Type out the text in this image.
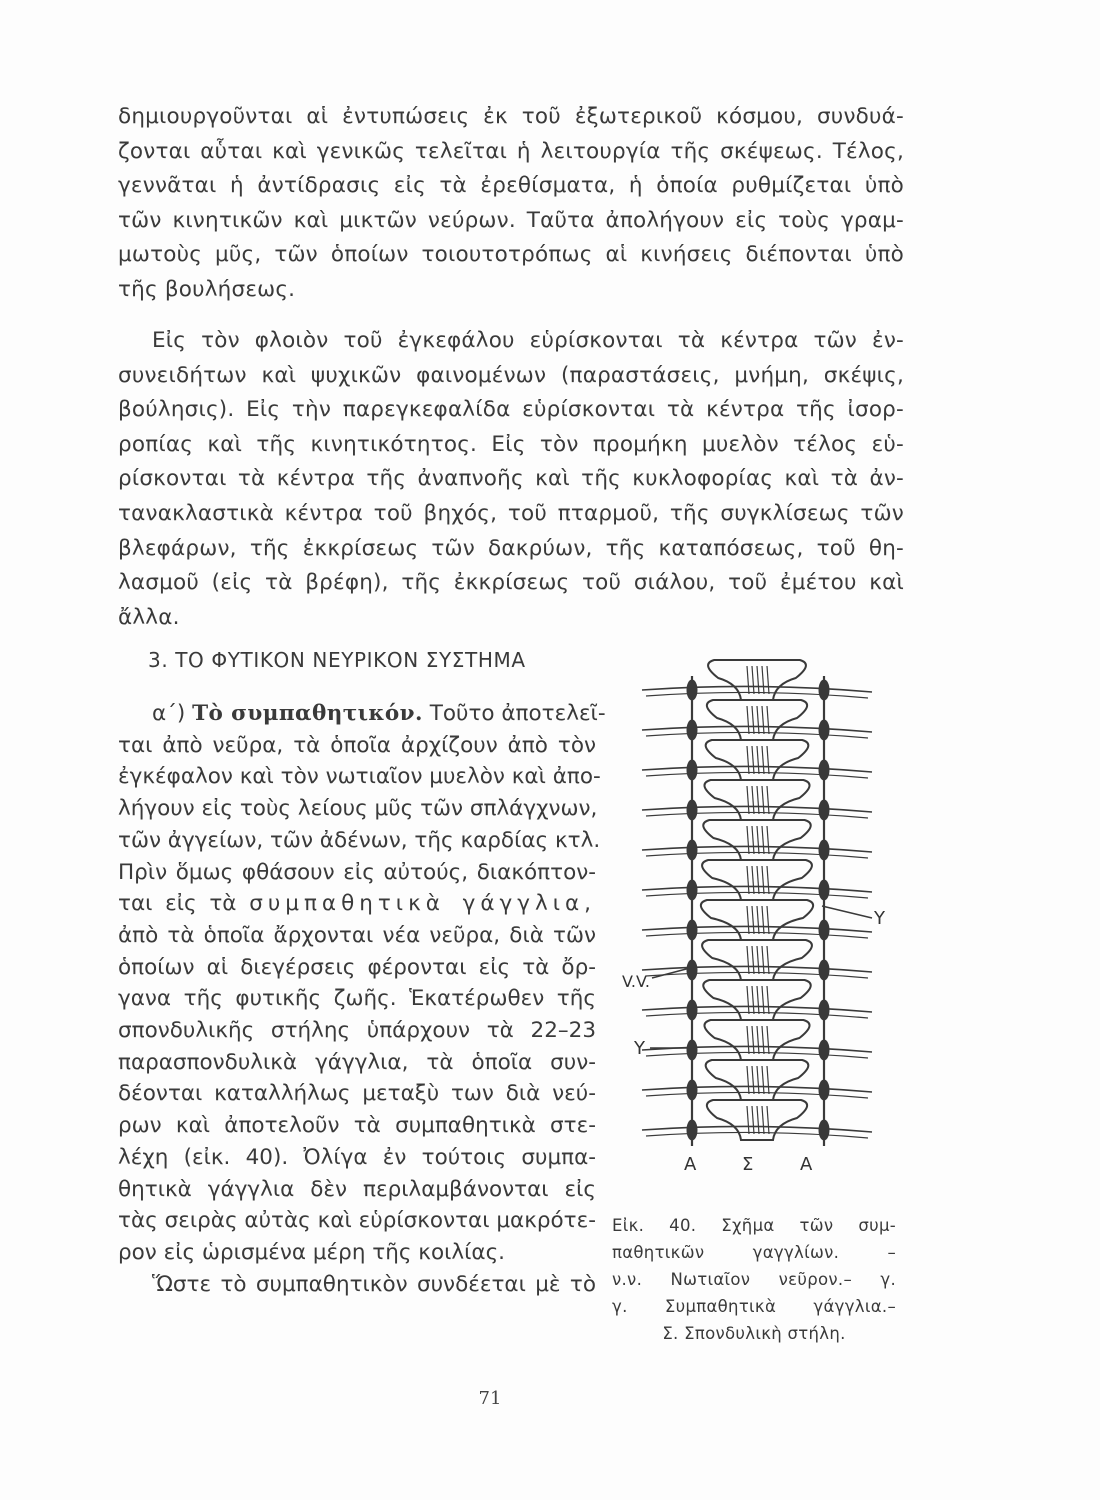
δημιουργοῦνται αἱ ἐντυπώσεις ἐκ τοῦ ἐξωτερικοῦ κόσμου, συνδυά-
ζονται αὗται καὶ γενικῶς τελεῖται ἡ λειτουργία τῆς σκέψεως. Τέλος,
γεννᾶται ἡ ἀντίδρασις εἰς τὰ ἐρεθίσματα, ἡ ὁποία ρυθμίζεται ὑπὸ
τῶν κινητικῶν καὶ μικτῶν νεύρων. Ταῦτα ἀπολήγουν εἰς τοὺς γραμ-
μωτοὺς μῦς, τῶν ὁποίων τοιουτοτρόπως αἱ κινήσεις διέπονται ὑπὸ
τῆς βουλήσεως.
Εἰς τὸν φλοιὸν τοῦ ἐγκεφάλου εὑρίσκονται τὰ κέντρα τῶν ἐν-
συνειδήτων καὶ ψυχικῶν φαινομένων (παραστάσεις, μνήμη, σκέψις,
βούλησις). Εἰς τὴν παρεγκεφαλίδα εὑρίσκονται τὰ κέντρα τῆς ἰσορ-
ροπίας καὶ τῆς κινητικότητος. Εἰς τὸν προμήκη μυελὸν τέλος εὑ-
ρίσκονται τὰ κέντρα τῆς ἀναπνοῆς καὶ τῆς κυκλοφορίας καὶ τὰ ἀν-
τανακλαστικὰ κέντρα τοῦ βηχός, τοῦ πταρμοῦ, τῆς συγκλίσεως τῶν
βλεφάρων, τῆς ἐκκρίσεως τῶν δακρύων, τῆς καταπόσεως, τοῦ θη-
λασμοῦ (εἰς τὰ βρέφη), τῆς ἐκκρίσεως τοῦ σιάλου, τοῦ ἐμέτου καὶ
ἄλλα.
3. ΤΟ ΦΥΤΙΚΟΝ ΝΕΥΡΙΚΟΝ ΣΥΣΤΗΜΑ
α΄) Τὸ συμπαθητικόν. Τοῦτο ἀποτελεῖ-
ται ἀπὸ νεῦρα, τὰ ὁποῖα ἀρχίζουν ἀπὸ τὸν
ἐγκέφαλον καὶ τὸν νωτιαῖον μυελὸν καὶ ἀπο-
λήγουν εἰς τοὺς λείους μῦς τῶν σπλάγχνων,
τῶν ἀγγείων, τῶν ἀδένων, τῆς καρδίας κτλ.
Πρὶν ὅμως φθάσουν εἰς αὐτούς, διακόπτον-
ται εἰς τὰ συμπαθητικὰ γάγγλια,
ἀπὸ τὰ ὁποῖα ἄρχονται νέα νεῦρα, διὰ τῶν
ὁποίων αἱ διεγέρσεις φέρονται εἰς τὰ ὄρ-
γανα τῆς φυτικῆς ζωῆς. Ἑκατέρωθεν τῆς
σπονδυλικῆς στήλης ὑπάρχουν τὰ 22–23
παρασπονδυλικὰ γάγγλια, τὰ ὁποῖα συν-
δέονται καταλλήλως μεταξὺ των διὰ νεύ-
ρων καὶ ἀποτελοῦν τὰ συμπαθητικὰ στε-
λέχη (εἰκ. 40). Ὀλίγα ἐν τούτοις συμπα-
θητικὰ γάγγλια δὲν περιλαμβάνονται εἰς
τὰς σειρὰς αὐτὰς καὶ εὑρίσκονται μακρότε-
ρον εἰς ὡρισμένα μέρη τῆς κοιλίας.
Ὥστε τὸ συμπαθητικὸν συνδέεται μὲ τὸ
Υ
V.V.
Υ
Α	Σ	Α
Εἰκ. 40. Σχῆμα τῶν συμ-
παθητικῶν γαγγλίων. –
ν.ν. Νωτιαῖον νεῦρον.– γ.
γ. Συμπαθητικὰ γάγγλια.–
Σ. Σπονδυλικὴ στήλη.
71
